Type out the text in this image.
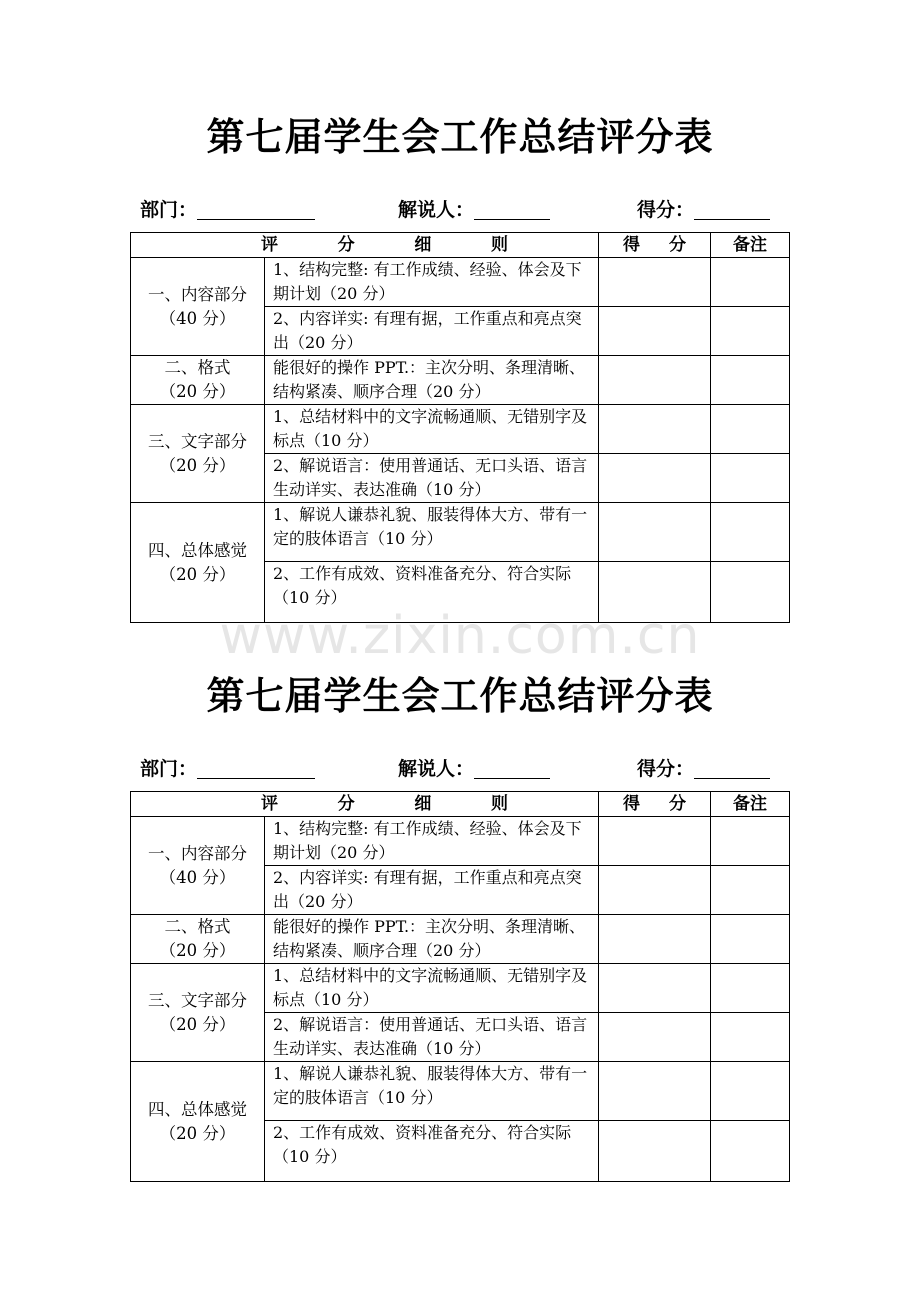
第七届学生会工作总结评分表
部门：	解说人：	得分：
评 分 细 则		得 分	备注

一、内容部分
（40 分）	1、结构完整: 有工作成绩、经验、体会及下期计划（20 分）		
	2、内容详实: 有理有据，工作重点和亮点突出（20 分）		

二、格式
（20 分）	能很好的操作 PPT.：主次分明、条理清晰、结构紧凑、顺序合理（20 分）		

三、文字部分
（20 分）	1、总结材料中的文字流畅通顺、无错别字及标点（10 分）		
	2、解说语言：使用普通话、无口头语、语言生动详实、表达准确（10 分）		

四、总体感觉
（20 分）	1、解说人谦恭礼貌、服装得体大方、带有一定的肢体语言（10 分）		
	2、工作有成效、资料准备充分、符合实际（10 分）		
www.zixin.com.cn
第七届学生会工作总结评分表
部门：	解说人：	得分：
评 分 细 则		得 分	备注

一、内容部分
（40 分）	1、结构完整: 有工作成绩、经验、体会及下期计划（20 分）		
	2、内容详实: 有理有据，工作重点和亮点突出（20 分）		

二、格式
（20 分）	能很好的操作 PPT.：主次分明、条理清晰、结构紧凑、顺序合理（20 分）		

三、文字部分
（20 分）	1、总结材料中的文字流畅通顺、无错别字及标点（10 分）		
	2、解说语言：使用普通话、无口头语、语言生动详实、表达准确（10 分）		

四、总体感觉
（20 分）	1、解说人谦恭礼貌、服装得体大方、带有一定的肢体语言（10 分）		
	2、工作有成效、资料准备充分、符合实际（10 分）		
